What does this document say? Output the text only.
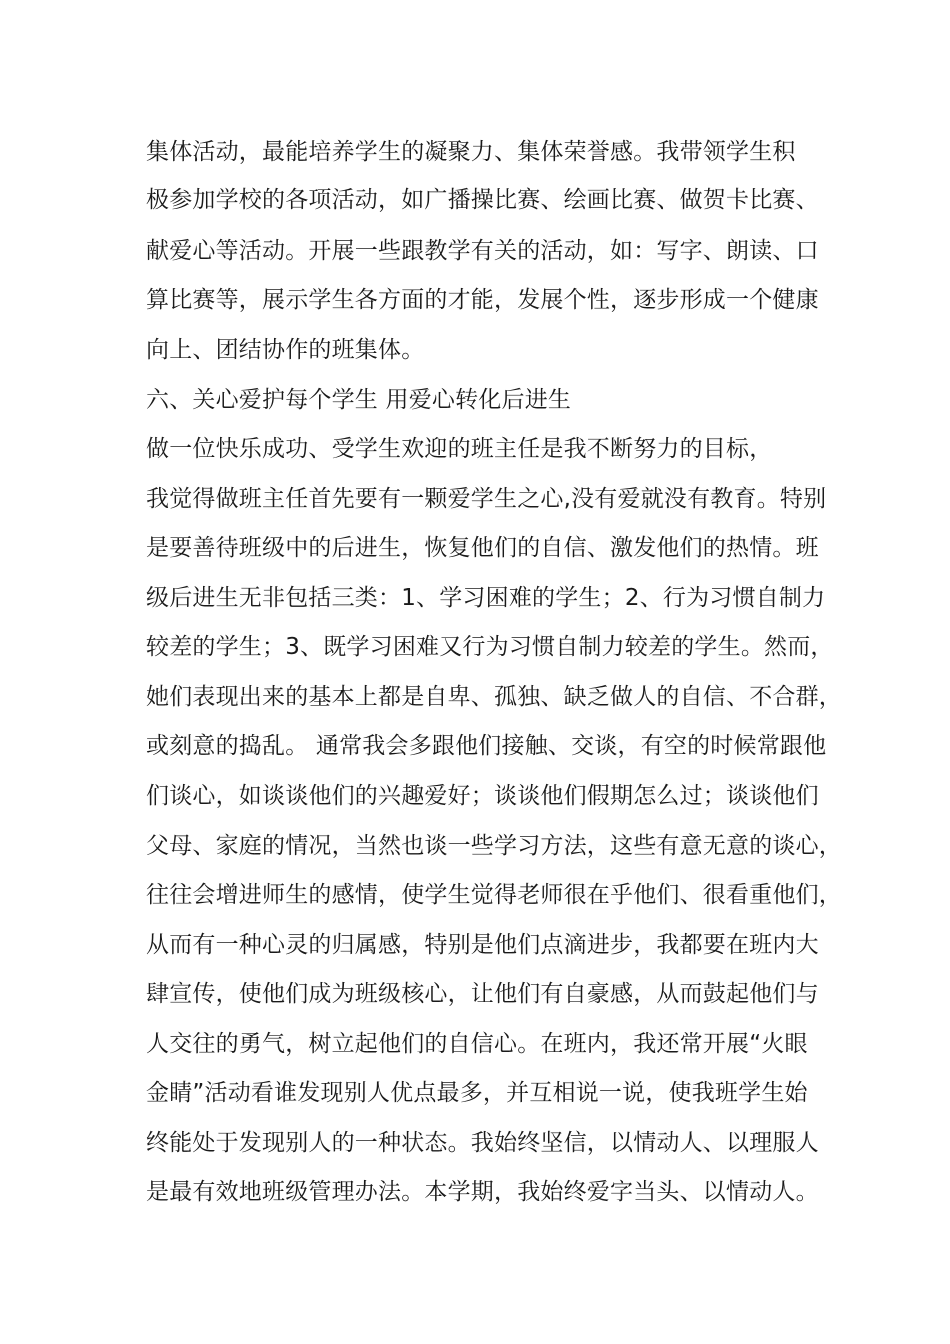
集体活动，最能培养学生的凝聚力、集体荣誉感。我带领学生积
极参加学校的各项活动，如广播操比赛、绘画比赛、做贺卡比赛、
献爱心等活动。开展一些跟教学有关的活动，如：写字、朗读、口
算比赛等，展示学生各方面的才能，发展个性，逐步形成一个健康
向上、团结协作的班集体。
六、关心爱护每个学生 用爱心转化后进生
做一位快乐成功、受学生欢迎的班主任是我不断努力的目标，
我觉得做班主任首先要有一颗爱学生之心,没有爱就没有教育。特别
是要善待班级中的后进生，恢复他们的自信、激发他们的热情。班
级后进生无非包括三类：1、学习困难的学生；2、行为习惯自制力
较差的学生；3、既学习困难又行为习惯自制力较差的学生。然而，
她们表现出来的基本上都是自卑、孤独、缺乏做人的自信、不合群，
或刻意的捣乱。 通常我会多跟他们接触、交谈，有空的时候常跟他
们谈心，如谈谈他们的兴趣爱好；谈谈他们假期怎么过；谈谈他们
父母、家庭的情况，当然也谈一些学习方法，这些有意无意的谈心，
往往会增进师生的感情，使学生觉得老师很在乎他们、很看重他们，
从而有一种心灵的归属感，特别是他们点滴进步，我都要在班内大
肆宣传，使他们成为班级核心，让他们有自豪感，从而鼓起他们与
人交往的勇气，树立起他们的自信心。在班内，我还常开展“火眼
金睛”活动看谁发现别人优点最多，并互相说一说，使我班学生始
终能处于发现别人的一种状态。我始终坚信，以情动人、以理服人
是最有效地班级管理办法。本学期，我始终爱字当头、以情动人。
